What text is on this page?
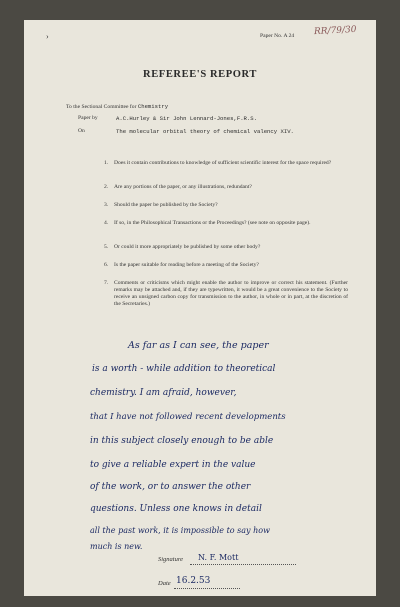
›	Paper No. A 24 RR/79/30
REFEREE'S REPORT
To the Sectional Committee for Chemistry
Paper by	A.C.Hurley & Sir John Lennard-Jones,F.R.S.
On	The molecular orbital theory of chemical valency XIV.
1. Does it contain contributions to knowledge of sufficient scientific interest for the space required?
2. Are any portions of the paper, or any illustrations, redundant?
3. Should the paper be published by the Society?
4. If so, in the Philosophical Transactions or the Proceedings? (see note on opposite page).
5. Or could it more appropriately be published by some other body?
6. Is the paper suitable for reading before a meeting of the Society?
7. Comments or criticisms which might enable the author to improve or correct his statement. (Further remarks may be attached and, if they are typewritten, it would be a great convenience to the Society to receive an unsigned carbon copy for transmission to the author, in whole or in part, at the discretion of the Secretaries.)
As far as I can see, the paper
is a worth - while addition to theoretical
chemistry. I am afraid, however,
that I have not followed recent developments
in this subject closely enough to be able
to give a reliable expert in the value
of the work, or to answer the other
questions. Unless one knows in detail
all the past work, it is impossible to say how
much is new.
Signature N. F. Mott
Date 16.2.53
